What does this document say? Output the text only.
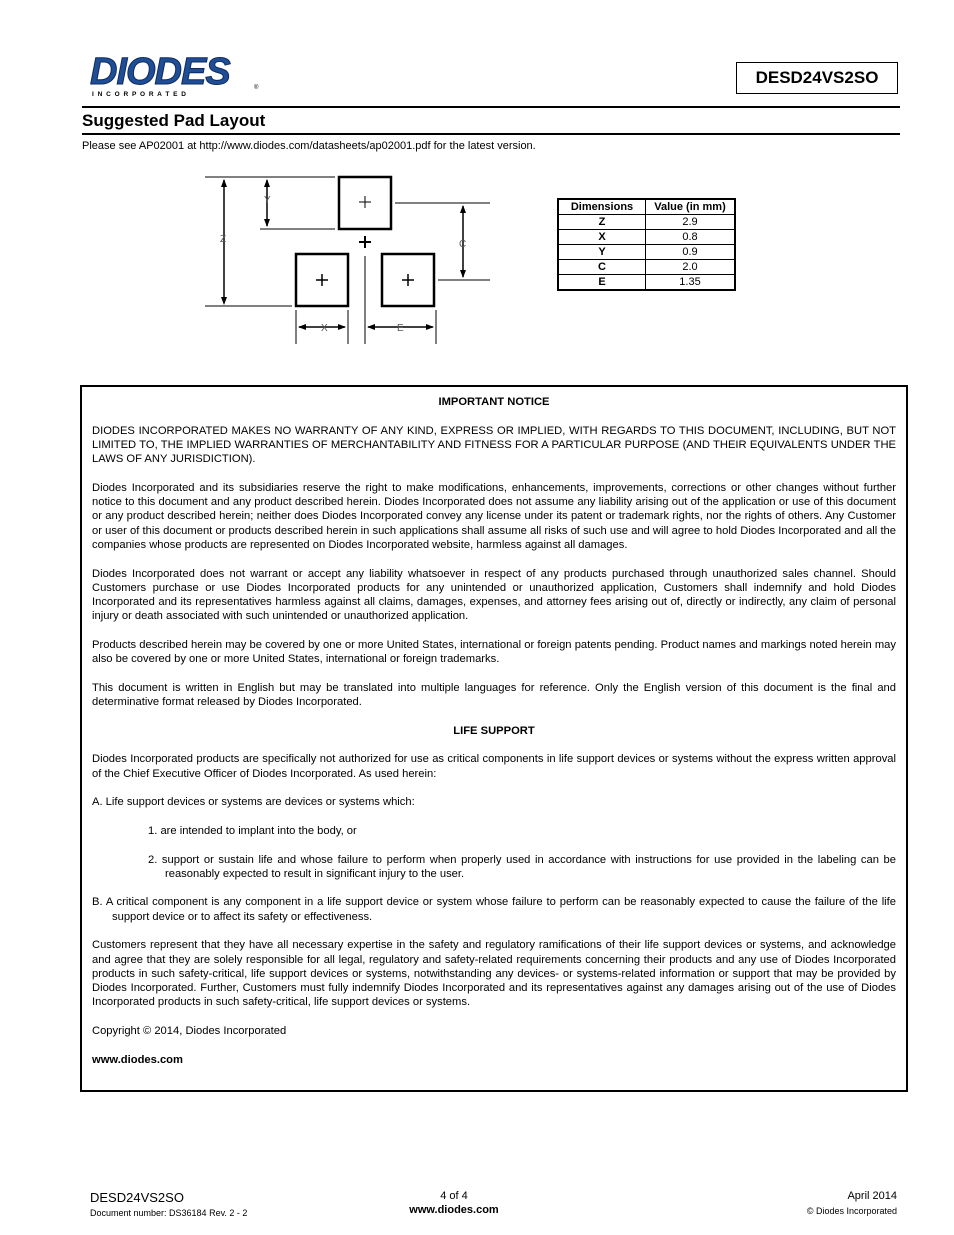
DIODES
I N C O R P O R A T E D
®
DESD24VS2SO
Suggested Pad Layout
Please see AP02001 at http://www.diodes.com/datasheets/ap02001.pdf for the latest version.
Y
Z	C
X	E
Dimensions	Value (in mm)
Z	2.9
X	0.8
Y	0.9
C	2.0
E	1.35

IMPORTANT NOTICE

DIODES INCORPORATED MAKES NO WARRANTY OF ANY KIND, EXPRESS OR IMPLIED, WITH REGARDS TO THIS DOCUMENT, INCLUDING, BUT NOT LIMITED TO, THE IMPLIED WARRANTIES OF MERCHANTABILITY AND FITNESS FOR A PARTICULAR PURPOSE (AND THEIR EQUIVALENTS UNDER THE LAWS OF ANY JURISDICTION).

Diodes Incorporated and its subsidiaries reserve the right to make modifications, enhancements, improvements, corrections or other changes without further notice to this document and any product described herein. Diodes Incorporated does not assume any liability arising out of the application or use of this document or any product described herein; neither does Diodes Incorporated convey any license under its patent or trademark rights, nor the rights of others. Any Customer or user of this document or products described herein in such applications shall assume all risks of such use and will agree to hold Diodes Incorporated and all the companies whose products are represented on Diodes Incorporated website, harmless against all damages.

Diodes Incorporated does not warrant or accept any liability whatsoever in respect of any products purchased through unauthorized sales channel. Should Customers purchase or use Diodes Incorporated products for any unintended or unauthorized application, Customers shall indemnify and hold Diodes Incorporated and its representatives harmless against all claims, damages, expenses, and attorney fees arising out of, directly or indirectly, any claim of personal injury or death associated with such unintended or unauthorized application.

Products described herein may be covered by one or more United States, international or foreign patents pending. Product names and markings noted herein may also be covered by one or more United States, international or foreign trademarks.

This document is written in English but may be translated into multiple languages for reference. Only the English version of this document is the final and determinative format released by Diodes Incorporated.

LIFE SUPPORT

Diodes Incorporated products are specifically not authorized for use as critical components in life support devices or systems without the express written approval of the Chief Executive Officer of Diodes Incorporated. As used herein:

A. Life support devices or systems are devices or systems which:

1. are intended to implant into the body, or

2. support or sustain life and whose failure to perform when properly used in accordance with instructions for use provided in the labeling can be reasonably expected to result in significant injury to the user.

B. A critical component is any component in a life support device or system whose failure to perform can be reasonably expected to cause the failure of the life support device or to affect its safety or effectiveness.

Customers represent that they have all necessary expertise in the safety and regulatory ramifications of their life support devices or systems, and acknowledge and agree that they are solely responsible for all legal, regulatory and safety-related requirements concerning their products and any use of Diodes Incorporated products in such safety-critical, life support devices or systems, notwithstanding any devices- or systems-related information or support that may be provided by Diodes Incorporated. Further, Customers must fully indemnify Diodes Incorporated and its representatives against any damages arising out of the use of Diodes Incorporated products in such safety-critical, life support devices or systems.

Copyright © 2014, Diodes Incorporated

www.diodes.com

DESD24VS2SO
Document number: DS36184 Rev. 2 - 2
4 of 4
www.diodes.com
April 2014
© Diodes Incorporated
